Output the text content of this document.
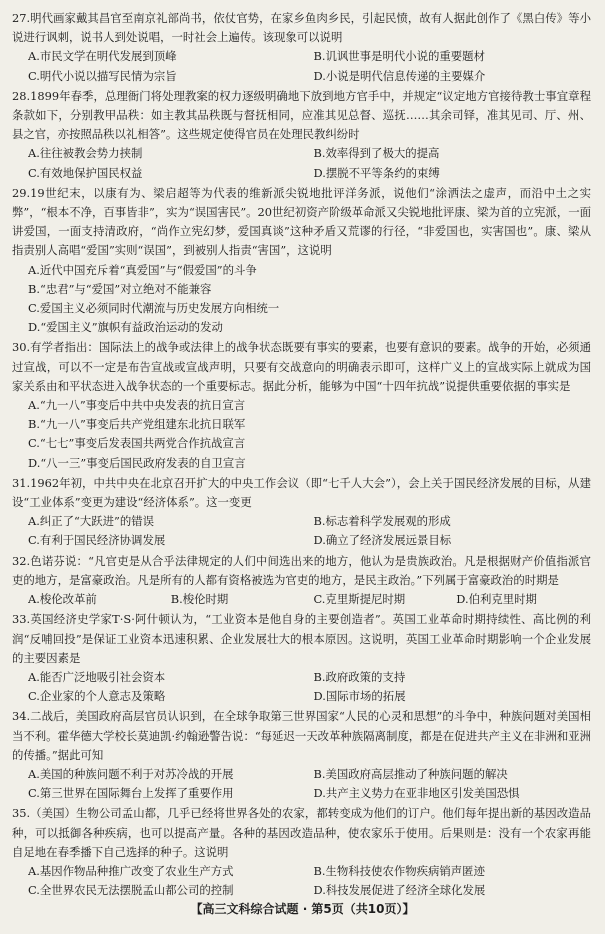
27.明代画家戴其昌官至南京礼部尚书，依仗官势，在家乡鱼肉乡民，引起民愤，故有人据此创作了《黑白传》等小说进行讽刺，说书人到处说唱，一时社会上遍传。该现象可以说明
A.市民文学在明代发展到顶峰	B.讥讽世事是明代小说的重要题材
C.明代小说以描写民情为宗旨	D.小说是明代信息传递的主要媒介
28.1899年春季，总理衙门将处理教案的权力逐级明确地下放到地方官手中，并规定“议定地方官接待教士事宜章程条款如下，分别教甲品秩：如主教其品秩既与督抚相同，应准其见总督、巡抚……其余司铎，准其见司、厅、州、县之官，亦按照品秩以礼相答”。这些规定使得官员在处理民教纠纷时
A.往往被教会势力挟制	B.效率得到了极大的提高
C.有效地保护国民权益	D.摆脱不平等条约的束缚
29.19世纪末，以康有为、梁启超等为代表的维新派尖锐地批评洋务派，说他们“涂洒法之虚声，而沿中土之实弊”，“根本不净，百事皆非”，实为“误国害民”。20世纪初资产阶级革命派又尖锐地批评康、梁为首的立宪派，一面讲爱国，一面支持清政府，“尚作立宪幻梦，爱国真谈”这种矛盾又荒谬的行径，“非爱国也，实害国也”。康、梁从指责别人高唱“爱国”实则“误国”，到被别人指责“害国”，这说明
A.近代中国充斥着“真爱国”与“假爱国”的斗争
B.“忠君”与“爱国”对立绝对不能兼容
C.爱国主义必须同时代潮流与历史发展方向相统一
D.“爱国主义”旗帜有益政治运动的发动
30.有学者指出：国际法上的战争或法律上的战争状态既要有事实的要素，也要有意识的要素。战争的开始，必须通过宣战，可以不一定是布告宣战或宣战声明，只要有交战意向的明确表示即可，这样广义上的宣战实际上就成为国家关系由和平状态进入战争状态的一个重要标志。据此分析，能够为中国“十四年抗战”说提供重要依据的事实是
A.“九一八”事变后中共中央发表的抗日宣言
B.“九一八”事变后共产党组建东北抗日联军
C.“七七”事变后发表国共两党合作抗战宣言
D.“八一三”事变后国民政府发表的自卫宣言
31.1962年初，中共中央在北京召开扩大的中央工作会议（即“七千人大会”），会上关于国民经济发展的目标，从建设“工业体系”变更为建设“经济体系”。这一变更
A.纠正了“大跃进”的错误	B.标志着科学发展观的形成
C.有利于国民经济协调发展	D.确立了经济发展远景目标
32.色诺芬说：“凡官吏是从合乎法律规定的人们中间选出来的地方，他认为是贵族政治。凡是根据财产价值指派官吏的地方，是富豪政治。凡是所有的人都有资格被选为官吏的地方，是民主政治。”下列属于富豪政治的时期是
A.梭伦改革前	B.梭伦时期	C.克里斯提尼时期	D.伯利克里时期
33.英国经济史学家T·S·阿什顿认为，“工业资本是他自身的主要创造者”。英国工业革命时期持续性、高比例的利润“反哺回投”是保证工业资本迅速积累、企业发展壮大的根本原因。这说明，英国工业革命时期影响一个企业发展的主要因素是
A.能否广泛地吸引社会资本	B.政府政策的支持
C.企业家的个人意志及策略	D.国际市场的拓展
34.二战后，美国政府高层官员认识到，在全球争取第三世界国家“人民的心灵和思想”的斗争中，种族问题对美国相当不利。霍华德大学校长莫迪凯·约翰逊警告说：“每延迟一天改革种族隔离制度，都是在促进共产主义在非洲和亚洲的传播。”据此可知
A.美国的种族问题不利于对苏冷战的开展	B.美国政府高层推动了种族问题的解决
C.第三世界在国际舞台上发挥了重要作用	D.共产主义势力在亚非地区引发美国恐惧
35.（美国）生物公司孟山都，几乎已经将世界各处的农家，都转变成为他们的订户。他们每年提出新的基因改造品种，可以抵御各种疾病，也可以提高产量。各种的基因改造品种，使农家乐于使用。后果则是：没有一个农家再能自足地在春季播下自己选择的种子。这说明
A.基因作物品种推广改变了农业生产方式	B.生物科技使农作物疾病销声匿迹
C.全世界农民无法摆脱孟山都公司的控制	D.科技发展促进了经济全球化发展
【高三文科综合试题 · 第5页（共10页）】
